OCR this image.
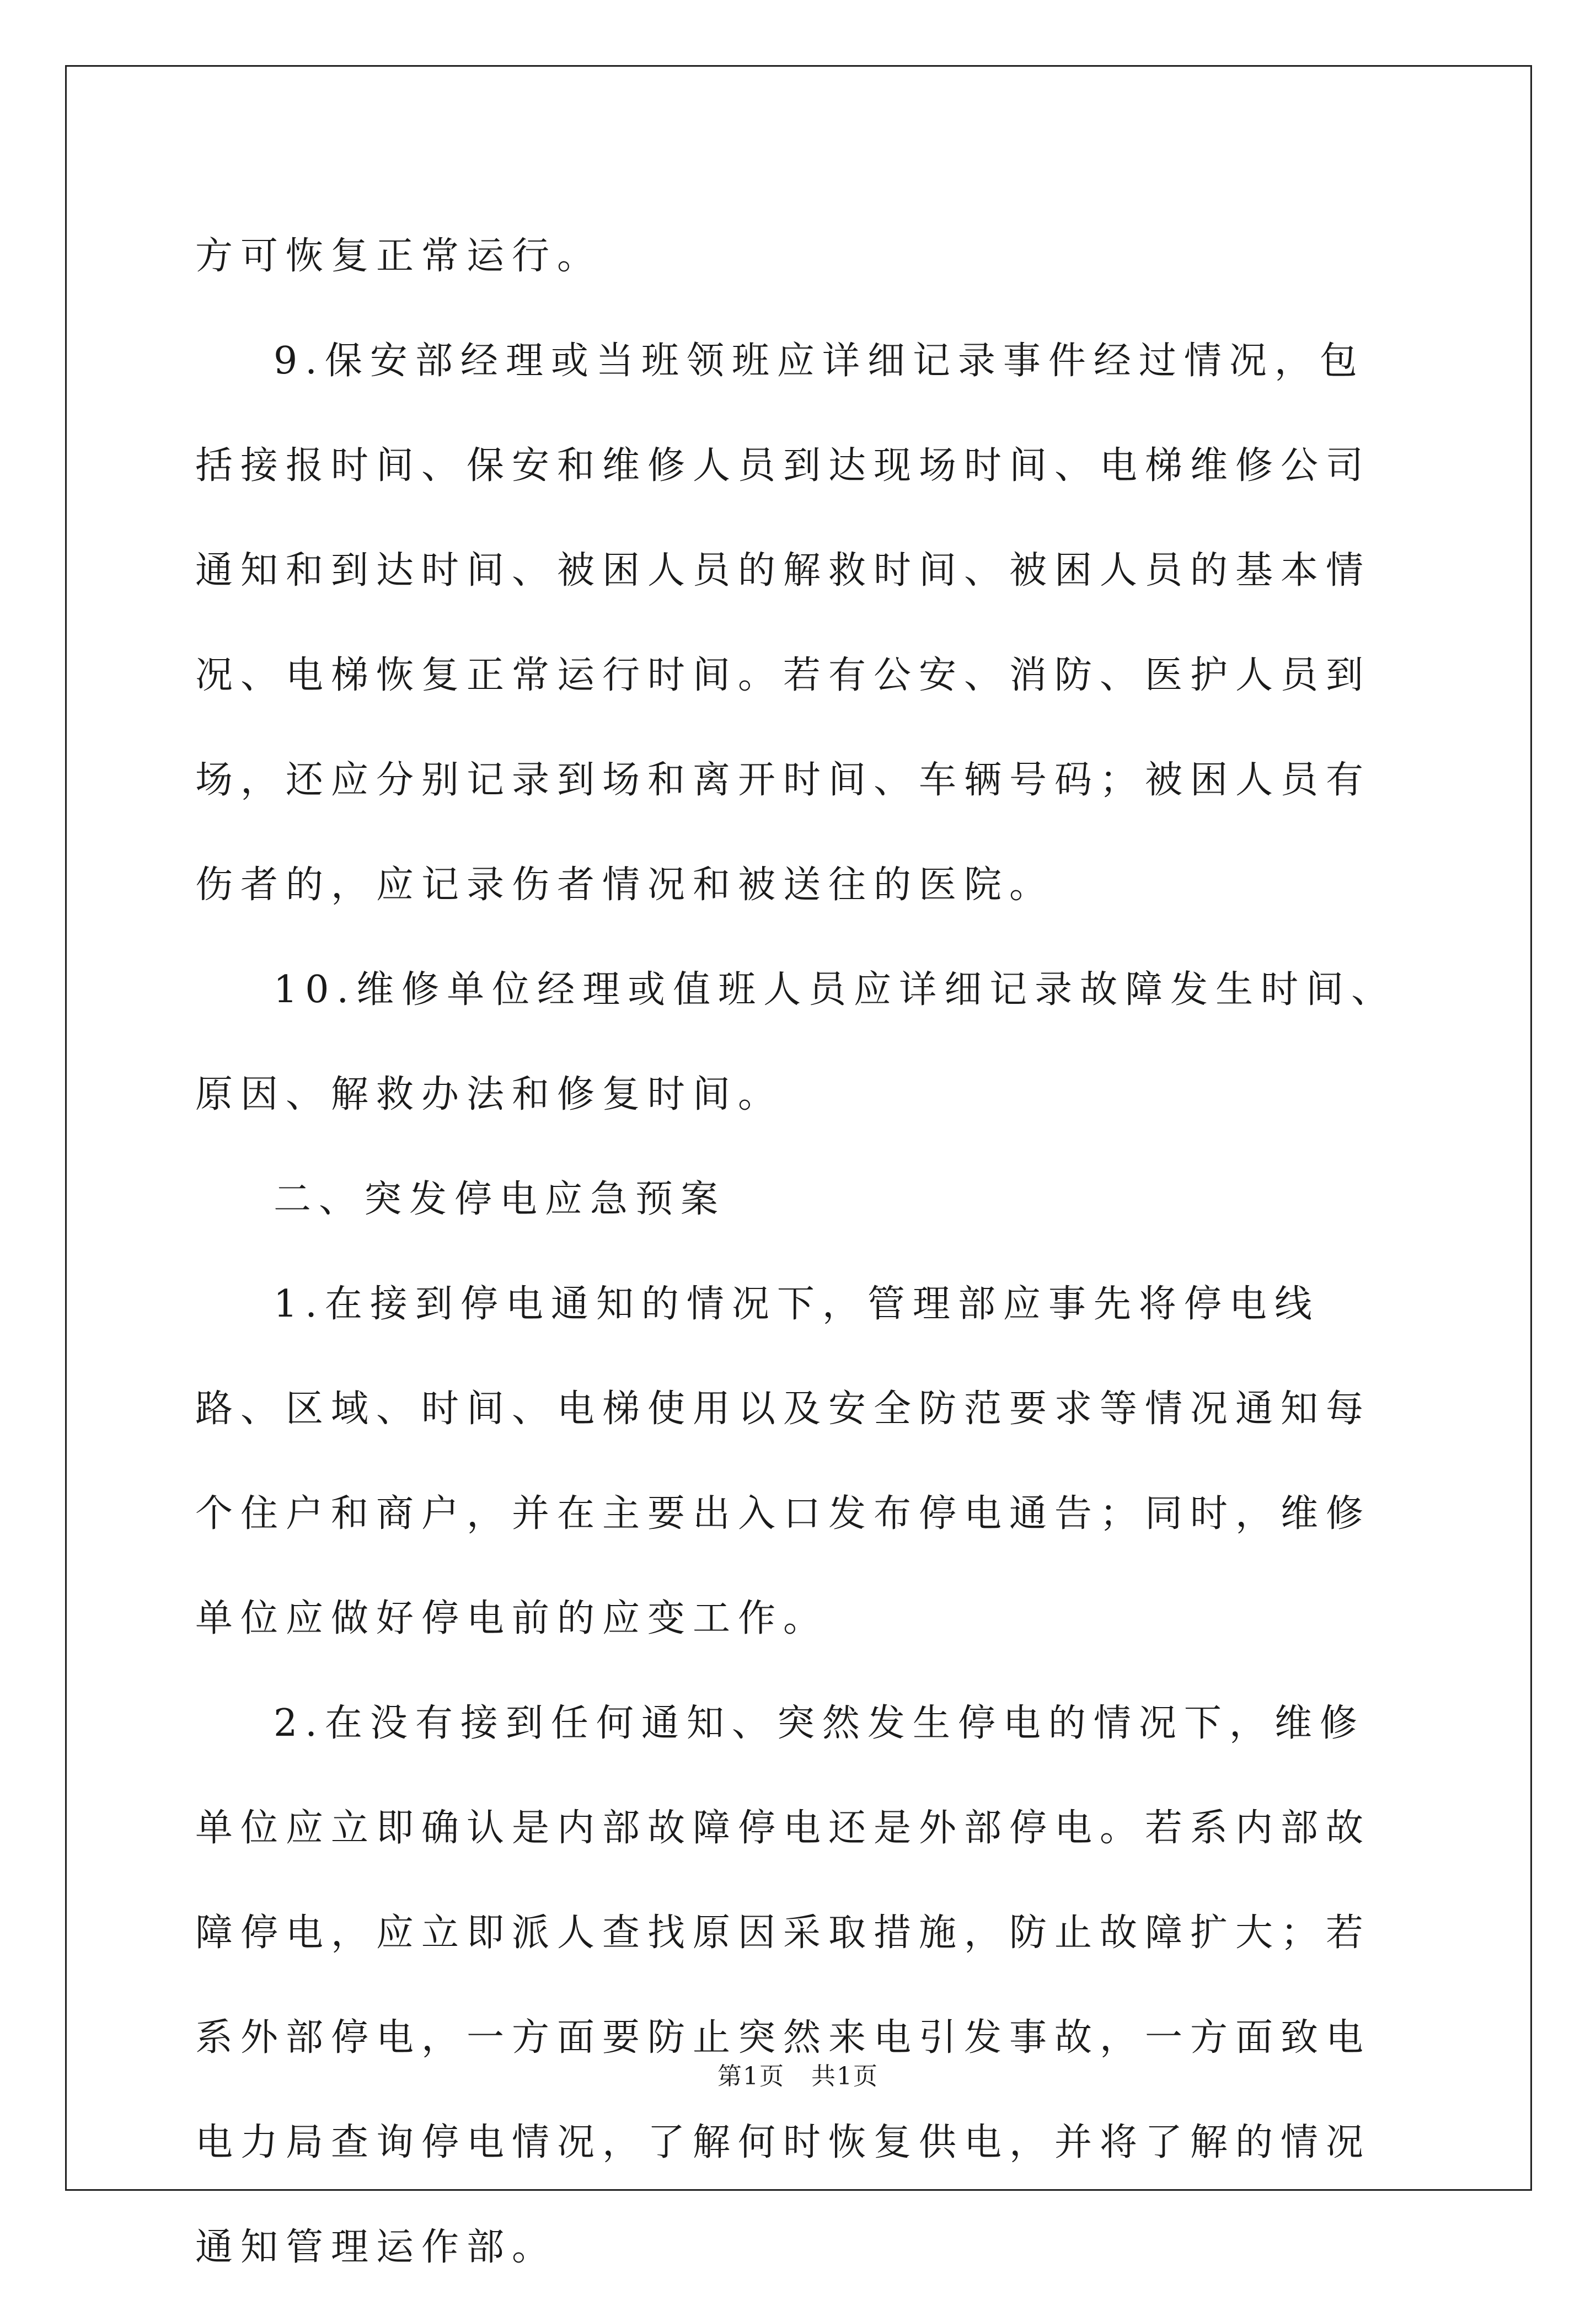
方可恢复正常运行。

9.保安部经理或当班领班应详细记录事件经过情况，包括接报时间、保安和维修人员到达现场时间、电梯维修公司通知和到达时间、被困人员的解救时间、被困人员的基本情况、电梯恢复正常运行时间。若有公安、消防、医护人员到场，还应分别记录到场和离开时间、车辆号码；被困人员有伤者的，应记录伤者情况和被送往的医院。

10.维修单位经理或值班人员应详细记录故障发生时间、原因、解救办法和修复时间。

二、突发停电应急预案

1.在接到停电通知的情况下，管理部应事先将停电线路、区域、时间、电梯使用以及安全防范要求等情况通知每个住户和商户，并在主要出入口发布停电通告；同时，维修单位应做好停电前的应变工作。

2.在没有接到任何通知、突然发生停电的情况下，维修单位应立即确认是内部故障停电还是外部停电。若系内部故障停电，应立即派人查找原因采取措施，防止故障扩大；若系外部停电，一方面要防止突然来电引发事故，一方面致电电力局查询停电情况，了解何时恢复供电，并将了解的情况通知管理运作部。

第1页 共1页
